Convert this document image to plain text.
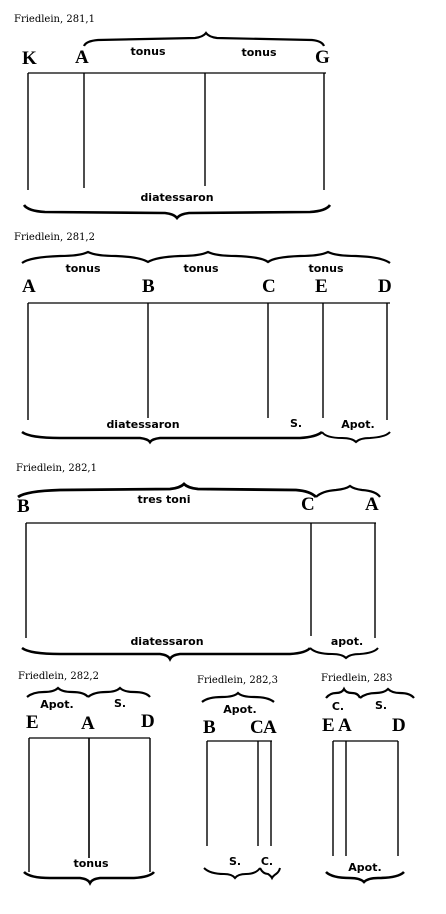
Friedlein, 281,1
K A	G
tonus	tonus
diatessaron
Friedlein, 281,2
A	B	C E	D
tonus	tonus	tonus
diatessaron	S.	Apot.
Friedlein, 282,1
B	C	A
tres toni
diatessaron	apot.
Friedlein, 282,2
E A D
Apot.	S.
tonus
Friedlein, 282,3
B C A
Apot.
S. C.
Friedlein, 283
E A D
C.	S.
Apot.
